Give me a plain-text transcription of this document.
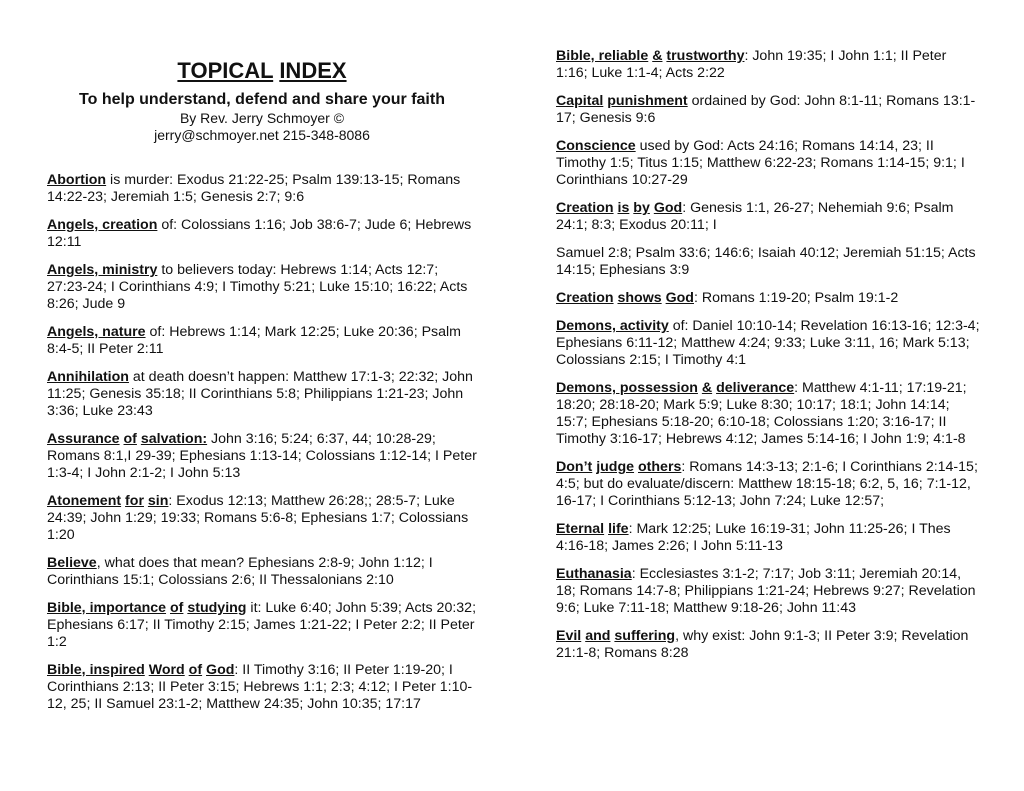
TOPICAL INDEX

To help understand, defend and share your faith
By Rev. Jerry Schmoyer ©
jerry@schmoyer.net 215-348-8086

Abortion is murder: Exodus 21:22-25; Psalm 139:13-15; Romans 14:22-23; Jeremiah 1:5; Genesis 2:7; 9:6

Angels, creation of: Colossians 1:16; Job 38:6-7; Jude 6; Hebrews 12:11

Angels, ministry to believers today: Hebrews 1:14; Acts 12:7; 27:23-24; I Corinthians 4:9; I Timothy 5:21; Luke 15:10; 16:22; Acts 8:26; Jude 9

Angels, nature of: Hebrews 1:14; Mark 12:25; Luke 20:36; Psalm 8:4-5; II Peter 2:11

Annihilation at death doesn’t happen: Matthew 17:1-3; 22:32; John 11:25; Genesis 35:18; II Corinthians 5:8; Philippians 1:21-23; John 3:36; Luke 23:43

Assurance of salvation: John 3:16; 5:24; 6:37, 44; 10:28-29; Romans 8:1,I 29-39; Ephesians 1:13-14; Colossians 1:12-14; I Peter 1:3-4; I John 2:1-2; I John 5:13

Atonement for sin: Exodus 12:13; Matthew 26:28;; 28:5-7; Luke 24:39; John 1:29; 19:33; Romans 5:6-8; Ephesians 1:7; Colossians 1:20

Believe, what does that mean? Ephesians 2:8-9; John 1:12; I Corinthians 15:1; Colossians 2:6; II Thessalonians 2:10

Bible, importance of studying it: Luke 6:40; John 5:39; Acts 20:32; Ephesians 6:17; II Timothy 2:15; James 1:21-22; I Peter 2:2; II Peter 1:2

Bible, inspired Word of God: II Timothy 3:16; II Peter 1:19-20; I Corinthians 2:13; II Peter 3:15; Hebrews 1:1; 2:3; 4:12; I Peter 1:10-12, 25; II Samuel 23:1-2; Matthew 24:35; John 10:35; 17:17

Bible, reliable & trustworthy: John 19:35; I John 1:1; II Peter 1:16; Luke 1:1-4; Acts 2:22

Capital punishment ordained by God: John 8:1-11; Romans 13:1-17; Genesis 9:6

Conscience used by God: Acts 24:16; Romans 14:14, 23; II Timothy 1:5; Titus 1:15; Matthew 6:22-23; Romans 1:14-15; 9:1; I Corinthians 10:27-29

Creation is by God: Genesis 1:1, 26-27; Nehemiah 9:6; Psalm 24:1; 8:3; Exodus 20:11; I

Samuel 2:8; Psalm 33:6; 146:6; Isaiah 40:12; Jeremiah 51:15; Acts 14:15; Ephesians 3:9

Creation shows God: Romans 1:19-20; Psalm 19:1-2

Demons, activity of: Daniel 10:10-14; Revelation 16:13-16; 12:3-4; Ephesians 6:11-12; Matthew 4:24; 9:33; Luke 3:11, 16; Mark 5:13; Colossians 2:15; I Timothy 4:1

Demons, possession & deliverance: Matthew 4:1-11; 17:19-21; 18:20; 28:18-20; Mark 5:9; Luke 8:30; 10:17; 18:1; John 14:14; 15:7; Ephesians 5:18-20; 6:10-18; Colossians 1:20; 3:16-17; II Timothy 3:16-17; Hebrews 4:12; James 5:14-16; I John 1:9; 4:1-8

Don’t judge others: Romans 14:3-13; 2:1-6; I Corinthians 2:14-15; 4:5; but do evaluate/discern: Matthew 18:15-18; 6:2, 5, 16; 7:1-12, 16-17; I Corinthians 5:12-13; John 7:24; Luke 12:57;

Eternal life: Mark 12:25; Luke 16:19-31; John 11:25-26; I Thes 4:16-18; James 2:26; I John 5:11-13

Euthanasia: Ecclesiastes 3:1-2; 7:17; Job 3:11; Jeremiah 20:14, 18; Romans 14:7-8; Philippians 1:21-24; Hebrews 9:27; Revelation 9:6; Luke 7:11-18; Matthew 9:18-26; John 11:43

Evil and suffering, why exist: John 9:1-3; II Peter 3:9; Revelation 21:1-8; Romans 8:28
